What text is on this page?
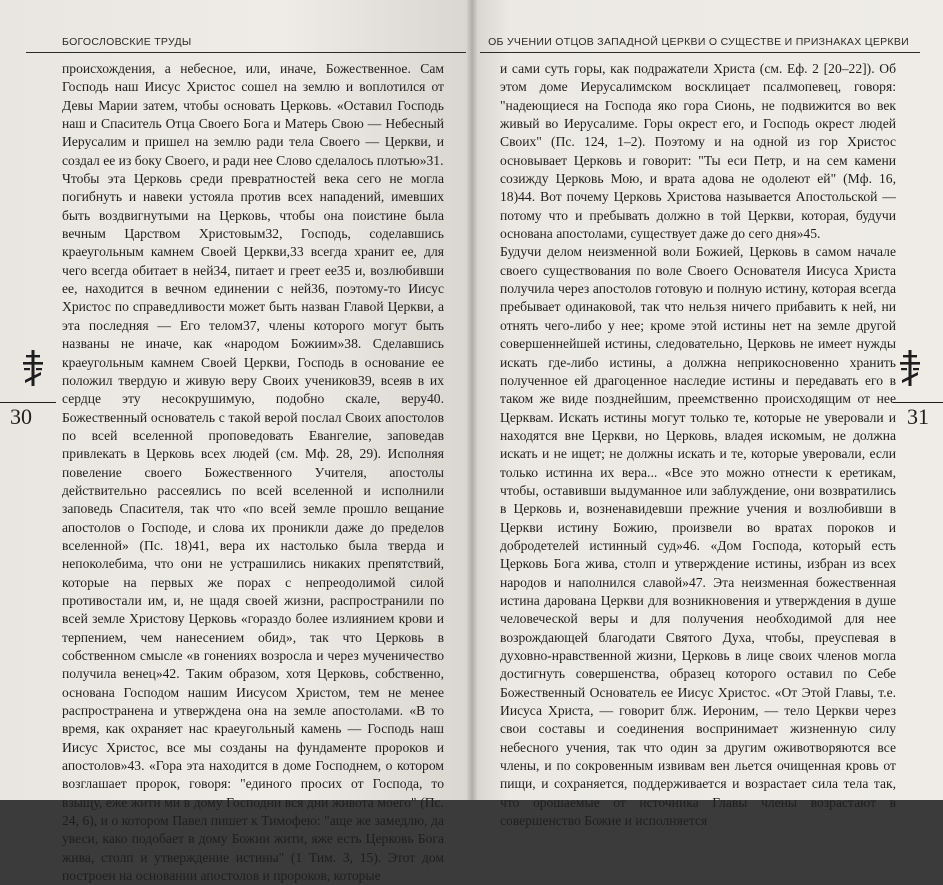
БОГОСЛОВСКИЕ ТРУДЫ
30

происхождения, а небесное, или, иначе, Божественное. Сам Господь наш Иисус Христос сошел на землю и воплотился от Девы Марии затем, чтобы основать Церковь. «Оставил Господь наш и Спаситель Отца Своего Бога и Матерь Свою — Небесный Иерусалим и пришел на землю ради тела Своего — Церкви, и создал ее из боку Своего, и ради нее Слово сделалось плотью»31.

Чтобы эта Церковь среди превратностей века сего не могла погибнуть и навеки устояла против всех нападений, имевших быть воздвигнутыми на Церковь, чтобы она поистине была вечным Царством Христовым32, Господь, соделавшись краеугольным камнем Своей Церкви,33 всегда хранит ее, для чего всегда обитает в ней34, питает и греет ее35 и, возлюбивши ее, находится в вечном единении с ней36, поэтому-то Иисус Христос по справедливости может быть назван Главой Церкви, а эта последняя — Его телом37, члены которого могут быть названы не иначе, как «народом Божиим»38. Сделавшись краеугольным камнем Своей Церкви, Господь в основание ее положил твердую и живую веру Своих учеников39, всеяв в их сердце эту несокрушимую, подобно скале, веру40. Божественный основатель с такой верой послал Своих апостолов по всей вселенной проповедовать Евангелие, заповедав привлекать в Церковь всех людей (см. Мф. 28, 29). Исполняя повеление своего Божественного Учителя, апостолы действительно рассеялись по всей вселенной и исполнили заповедь Спасителя, так что «по всей земле прошло вещание апостолов о Господе, и слова их проникли даже до пределов вселенной» (Пс. 18)41, вера их настолько была тверда и непоколебима, что они не устрашились никаких препятствий, которые на первых же порах с непреодолимой силой противостали им, и, не щадя своей жизни, распространили по всей земле Христову Церковь «гораздо более излиянием крови и терпением, чем нанесением обид», так что Церковь в собственном смысле «в гонениях возросла и через мученичество получила венец»42. Таким образом, хотя Церковь, собственно, основана Господом нашим Иисусом Христом, тем не менее распространена и утверждена она на земле апостолами. «В то время, как охраняет нас краеугольный камень — Господь наш Иисус Христос, все мы созданы на фундаменте пророков и апостолов»43. «Гора эта находится в доме Господнем, о котором возглашает пророк, говоря: "единого просих от Господа, то взыщу, еже жити ми в дому Господни вся дни живота моего" (Пс. 24, 6), и о котором Павел пишет к Тимофею: "аще же замедлю, да увеси, како подобает в дому Божии жити, яже есть Церковь Бога жива, столп и утверждение истины" (1 Тим. 3, 15). Этот дом построен на основании апостолов и пророков, которые

ОБ УЧЕНИИ ОТЦОВ ЗАПАДНОЙ ЦЕРКВИ О СУЩЕСТВЕ И ПРИЗНАКАХ ЦЕРКВИ
31

и сами суть горы, как подражатели Христа (см. Еф. 2 [20–22]). Об этом доме Иерусалимском восклицает псалмопевец, говоря: "надеющиеся на Господа яко гора Сионь, не подвижится во век живый во Иерусалиме. Горы окрест его, и Господь окрест людей Своих" (Пс. 124, 1–2). Поэтому и на одной из гор Христос основывает Церковь и говорит: "Ты еси Петр, и на сем камени созижду Церковь Мою, и врата адова не одолеют ей" (Мф. 16, 18)44. Вот почему Церковь Христова называется Апостольской — потому что и пребывать должно в той Церкви, которая, будучи основана апостолами, существует даже до сего дня»45.

Будучи делом неизменной воли Божией, Церковь в самом начале своего существования по воле Своего Основателя Иисуса Христа получила через апостолов готовую и полную истину, которая всегда пребывает одинаковой, так что нельзя ничего прибавить к ней, ни отнять чего-либо у нее; кроме этой истины нет на земле другой совершеннейшей истины, следовательно, Церковь не имеет нужды искать где-либо истины, а должна неприкосновенно хранить полученное ей драгоценное наследие истины и передавать его в таком же виде позднейшим, преемственно происходящим от нее Церквам. Искать истины могут только те, которые не уверовали и находятся вне Церкви, но Церковь, владея искомым, не должна искать и не ищет; не должны искать и те, которые уверовали, если только истинна их вера... «Все это можно отнести к еретикам, чтобы, оставивши выдуманное или заблуждение, они возвратились в Церковь и, возненавидевши прежние учения и возлюбивши в Церкви истину Божию, произвели во вратах пороков и добродетелей истинный суд»46. «Дом Господа, который есть Церковь Бога жива, столп и утверждение истины, избран из всех народов и наполнился славой»47. Эта неизменная божественная истина дарована Церкви для возникновения и утверждения в душе человеческой веры и для получения необходимой для нее возрождающей благодати Святого Духа, чтобы, преуспевая в духовно-нравственной жизни, Церковь в лице своих членов могла достигнуть совершенства, образец которого оставил по Себе Божественный Основатель ее Иисус Христос. «От Этой Главы, т.е. Иисуса Христа, — говорит блж. Иероним, — тело Церкви через свои составы и соединения воспринимает жизненную силу небесного учения, так что один за другим оживотворяются все члены, и по сокровенным извивам вен льется очищенная кровь от пищи, и сохраняется, поддерживается и возрастает сила тела так, что орошаемые от источника Главы члены возрастают в совершенство Божие и исполняется
